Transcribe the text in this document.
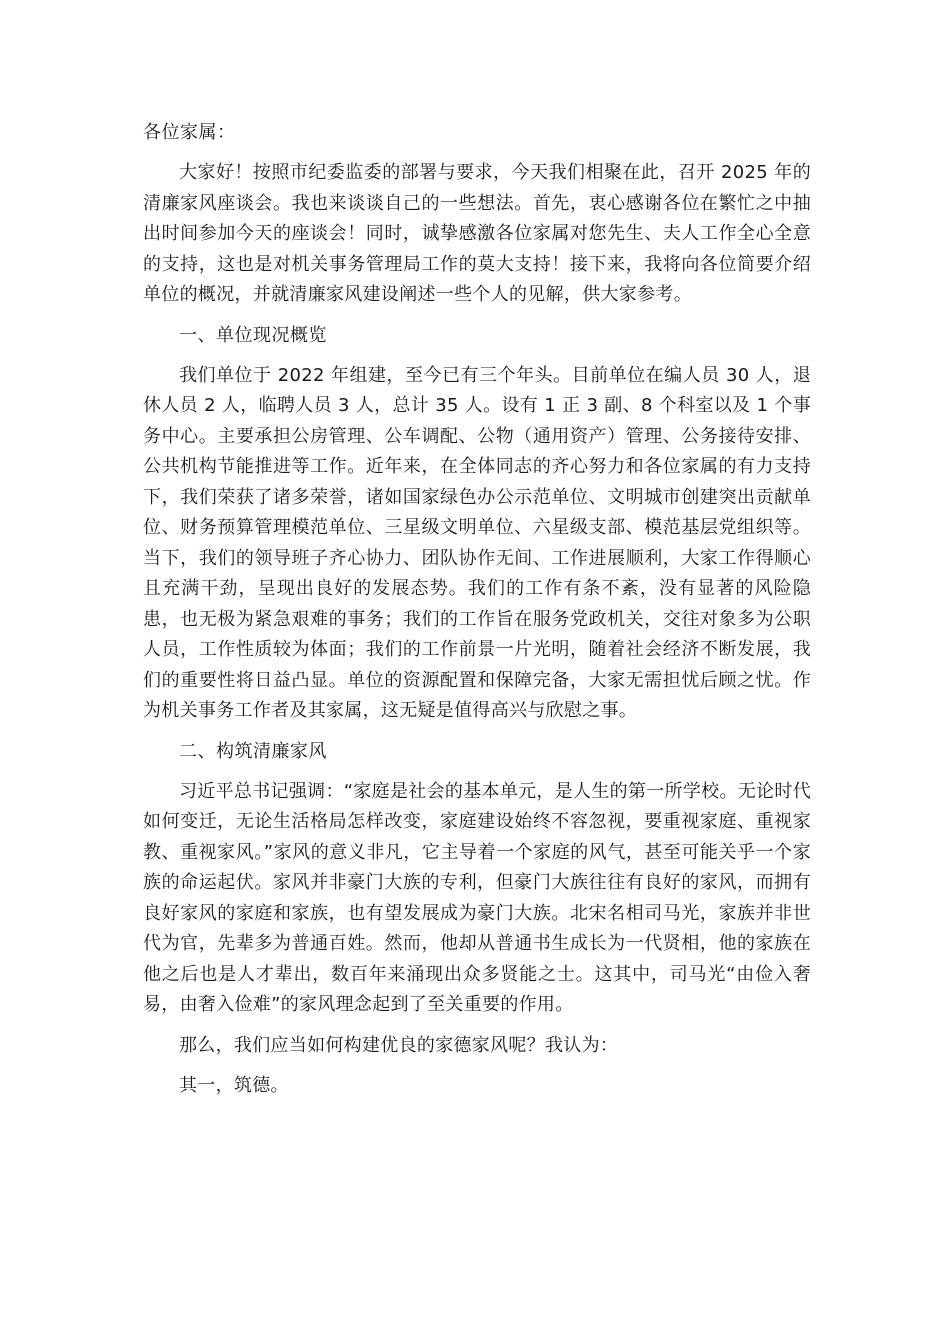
各位家属：

大家好！按照市纪委监委的部署与要求，今天我们相聚在此，召开 2025 年的清廉家风座谈会。我也来谈谈自己的一些想法。首先，衷心感谢各位在繁忙之中抽出时间参加今天的座谈会！同时，诚挚感激各位家属对您先生、夫人工作全心全意的支持，这也是对机关事务管理局工作的莫大支持！接下来，我将向各位简要介绍单位的概况，并就清廉家风建设阐述一些个人的见解，供大家参考。

一、单位现况概览

我们单位于 2022 年组建，至今已有三个年头。目前单位在编人员 30 人，退休人员 2 人，临聘人员 3 人，总计 35 人。设有 1 正 3 副、8 个科室以及 1 个事务中心。主要承担公房管理、公车调配、公物（通用资产）管理、公务接待安排、公共机构节能推进等工作。近年来，在全体同志的齐心努力和各位家属的有力支持下，我们荣获了诸多荣誉，诸如国家绿色办公示范单位、文明城市创建突出贡献单位、财务预算管理模范单位、三星级文明单位、六星级支部、模范基层党组织等。当下，我们的领导班子齐心协力、团队协作无间、工作进展顺利，大家工作得顺心且充满干劲，呈现出良好的发展态势。我们的工作有条不紊，没有显著的风险隐患，也无极为紧急艰难的事务；我们的工作旨在服务党政机关，交往对象多为公职人员，工作性质较为体面；我们的工作前景一片光明，随着社会经济不断发展，我们的重要性将日益凸显。单位的资源配置和保障完备，大家无需担忧后顾之忧。作为机关事务工作者及其家属，这无疑是值得高兴与欣慰之事。

二、构筑清廉家风

习近平总书记强调：“家庭是社会的基本单元，是人生的第一所学校。无论时代如何变迁，无论生活格局怎样改变，家庭建设始终不容忽视，要重视家庭、重视家教、重视家风。”家风的意义非凡，它主导着一个家庭的风气，甚至可能关乎一个家族的命运起伏。家风并非豪门大族的专利，但豪门大族往往有良好的家风，而拥有良好家风的家庭和家族，也有望发展成为豪门大族。北宋名相司马光，家族并非世代为官，先辈多为普通百姓。然而，他却从普通书生成长为一代贤相，他的家族在他之后也是人才辈出，数百年来涌现出众多贤能之士。这其中，司马光“由俭入奢易，由奢入俭难”的家风理念起到了至关重要的作用。

那么，我们应当如何构建优良的家德家风呢？我认为：

其一，筑德。
